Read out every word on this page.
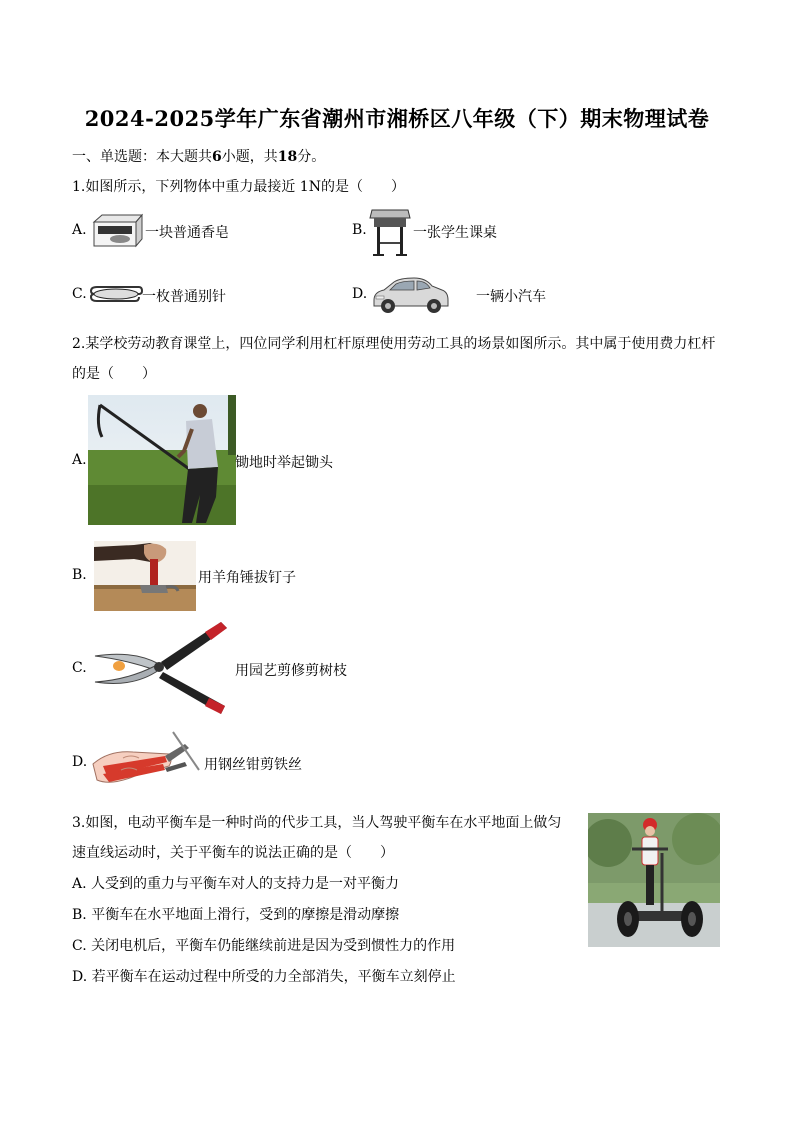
2024-2025学年广东省潮州市湘桥区八年级（下）期末物理试卷
一、单选题：本大题共6小题，共18分。
1.如图所示，下列物体中重力最接近 1N的是（　　）
A.	一块普通香皂	B.	一张学生课桌
C.	一枚普通别针	D.	一辆小汽车
2.某学校劳动教育课堂上，四位同学利用杠杆原理使用劳动工具的场景如图所示。其中属于使用费力杠杆
的是（　　）
A.	锄地时举起锄头
B.	用羊角锤拔钉子
C.	用园艺剪修剪树枝
D.	用钢丝钳剪铁丝
3.如图，电动平衡车是一种时尚的代步工具，当人驾驶平衡车在水平地面上做匀
速直线运动时，关于平衡车的说法正确的是（　　）
A. 人受到的重力与平衡车对人的支持力是一对平衡力
B. 平衡车在水平地面上滑行，受到的摩擦是滑动摩擦
C. 关闭电机后，平衡车仍能继续前进是因为受到惯性力的作用
D. 若平衡车在运动过程中所受的力全部消失，平衡车立刻停止
